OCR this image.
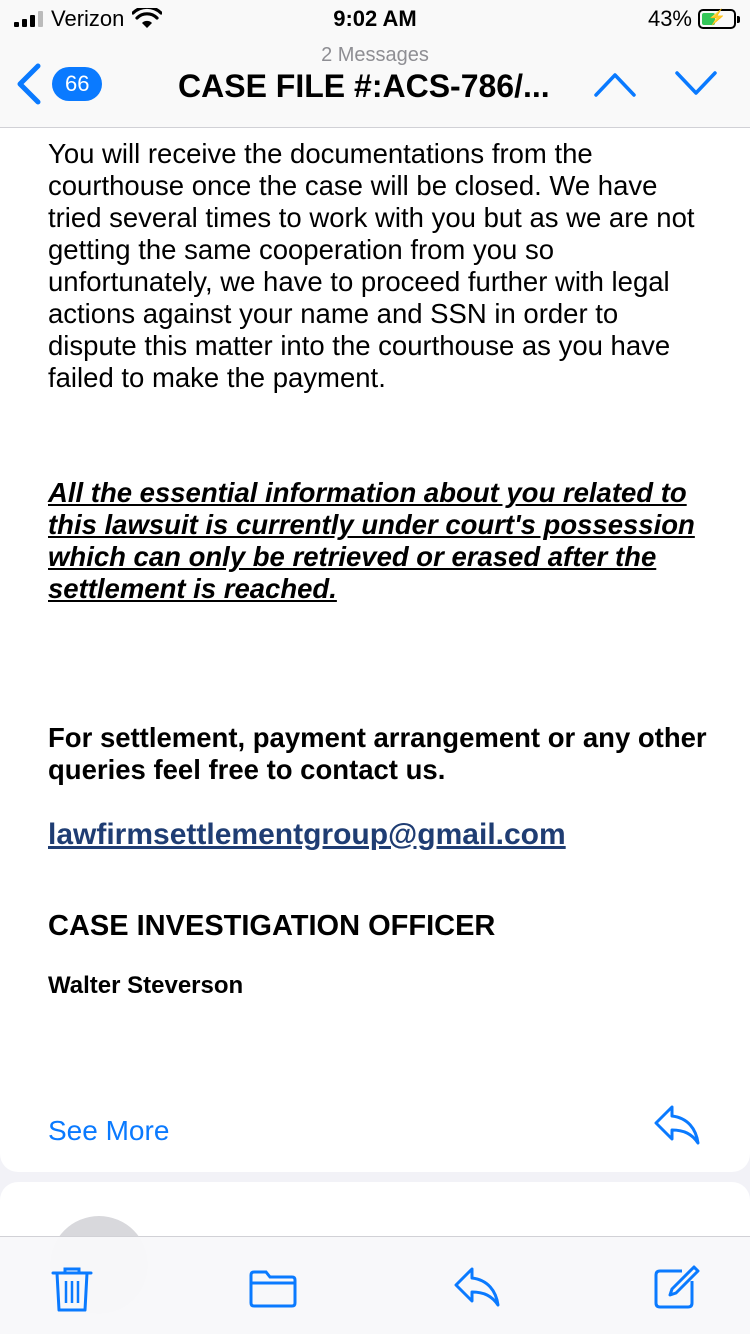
Verizon	9:02 AM	43%	⚡
2 Messages
66	CASE FILE #:ACS-786/...

You will receive the documentations from the courthouse once the case will be closed. We have tried several times to work with you but as we are not getting the same cooperation from you so unfortunately, we have to proceed further with legal actions against your name and SSN in order to dispute this matter into the courthouse as you have failed to make the payment.

All the essential information about you related to this lawsuit is currently under court's possession which can only be retrieved or erased after the settlement is reached.

For settlement, payment arrangement or any other queries feel free to contact us.

lawfirmsettlementgroup@gmail.com
CASE INVESTIGATION OFFICER
Walter Steverson
See More
